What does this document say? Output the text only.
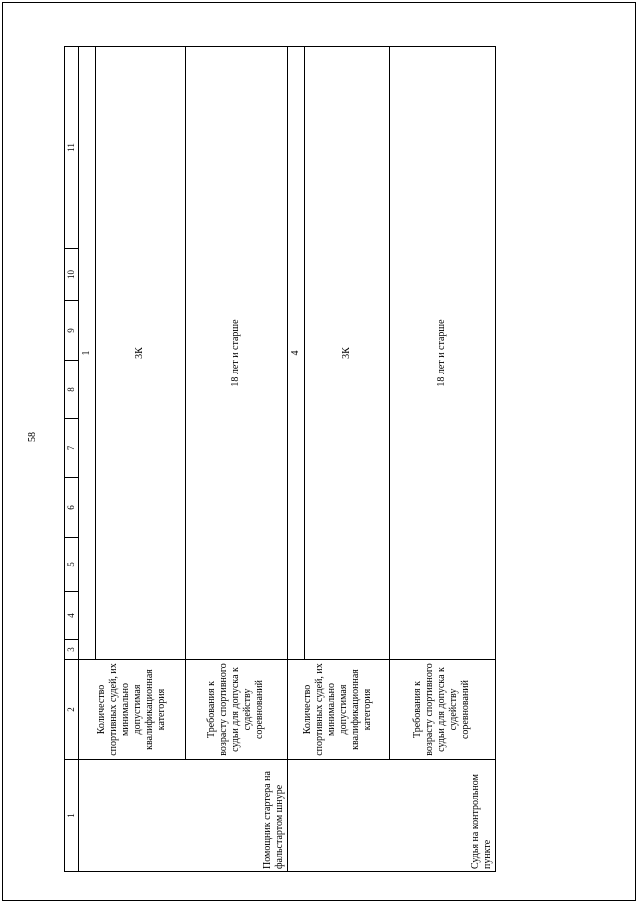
58
1	2	3	4	5	6	7	8	9	10	11
Помощник стартера на фальстартом шнуре	Количество спортивных судей, их минимально допустимая квалификационная категория	1								
		3К								
	Требования к возрасту спортивного судьи для допуска к судейству соревнований	18 лет и старше								
Судья на контрольном пункте	Количество спортивных судей, их минимально допустимая квалификационная категория	4								
		3К								
	Требования к возрасту спортивного судьи для допуска к судейству соревнований	18 лет и старше								
